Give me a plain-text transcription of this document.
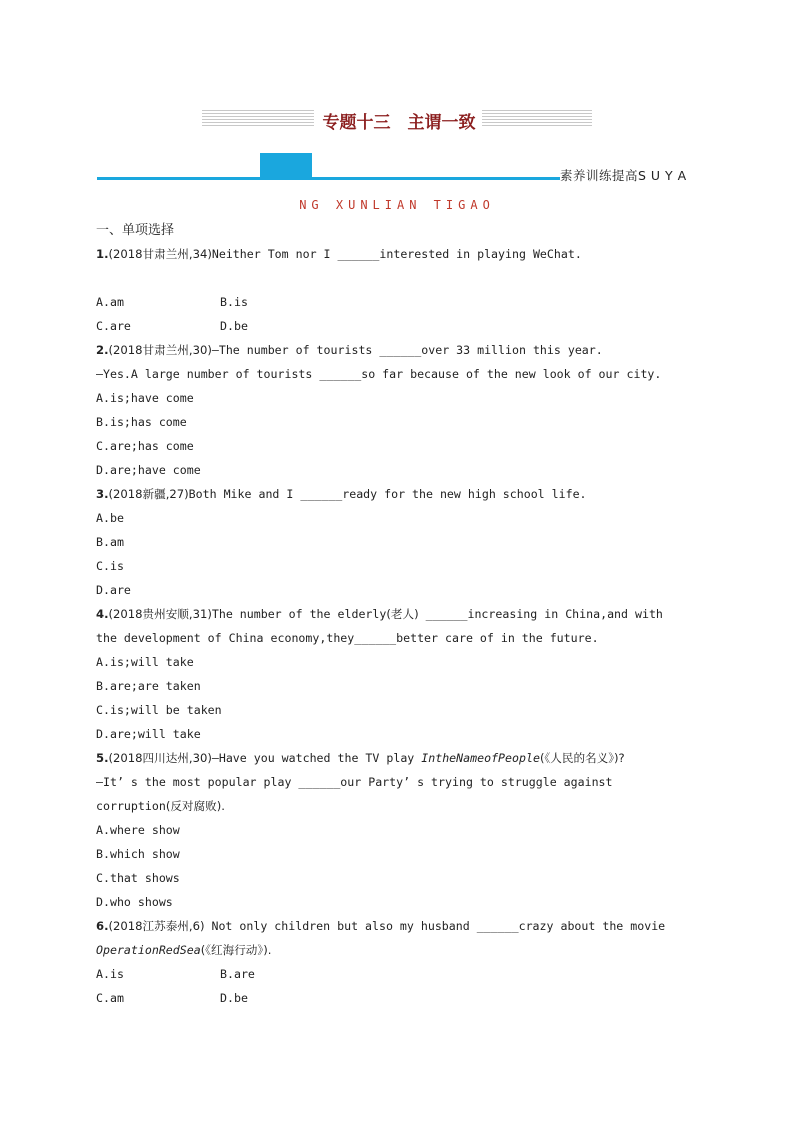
专题十三　主谓一致
素养训练提高S U Y A
NG XUNLIAN TIGAO
一、单项选择
1.(2018甘肃兰州,34)Neither Tom nor I ______interested in playing WeChat.
A.am	B.is
C.are	D.be
2.(2018甘肃兰州,30)—The number of tourists ______over 33 million this year.
—Yes.A large number of tourists ______so far because of the new look of our city.
A.is;have come
B.is;has come
C.are;has come
D.are;have come
3.(2018新疆,27)Both Mike and I ______ready for the new high school life.
A.be
B.am
C.is
D.are
4.(2018贵州安顺,31)The number of the elderly(老人) ______increasing in China,and with
the development of China economy,they______better care of in the future.
A.is;will take
B.are;are taken
C.is;will be taken
D.are;will take
5.(2018四川达州,30)—Have you watched the TV play IntheNameofPeople(《人民的名义》)?
—It’ s the most popular play ______our Party’ s trying to struggle against
corruption(反对腐败).
A.where show
B.which show
C.that shows
D.who shows
6.(2018江苏泰州,6) Not only children but also my husband ______crazy about the movie
OperationRedSea(《红海行动》).
A.is	B.are
C.am	D.be
